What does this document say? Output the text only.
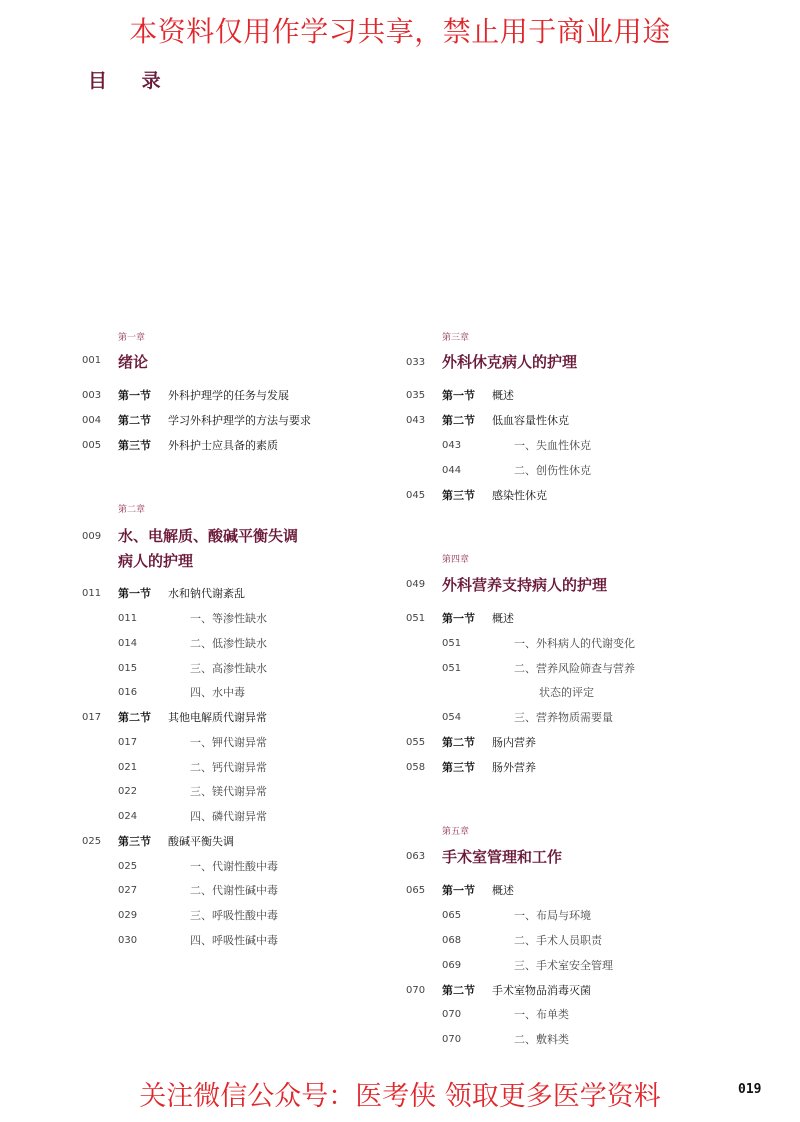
本资料仅用作学习共享，禁止用于商业用途
目 录
第一章
001 绪论
003	第一节 外科护理学的任务与发展
004	第二节 学习外科护理学的方法与要求
005	第三节 外科护士应具备的素质
第二章
009 水、电解质、酸碱平衡失调
病人的护理
011	第一节 水和钠代谢紊乱
011	一、等渗性缺水
014	二、低渗性缺水
015	三、高渗性缺水
016	四、水中毒
017	第二节 其他电解质代谢异常
017	一、钾代谢异常
021	二、钙代谢异常
022	三、镁代谢异常
024	四、磷代谢异常
025	第三节 酸碱平衡失调
025	一、代谢性酸中毒
027	二、代谢性碱中毒
029	三、呼吸性酸中毒
030	四、呼吸性碱中毒
第三章
033 外科休克病人的护理
035	第一节 概述
043	第二节 低血容量性休克
043	一、失血性休克
044	二、创伤性休克
045	第三节 感染性休克
第四章
049 外科营养支持病人的护理
051	第一节 概述
051	一、外科病人的代谢变化
051	二、营养风险筛查与营养
状态的评定
054	三、营养物质需要量
055	第二节 肠内营养
058	第三节 肠外营养
第五章
063 手术室管理和工作
065	第一节 概述
065	一、布局与环境
068	二、手术人员职责
069	三、手术室安全管理
070	第二节 手术室物品消毒灭菌
070	一、布单类
070	二、敷料类
关注微信公众号：医考侠 领取更多医学资料	019
